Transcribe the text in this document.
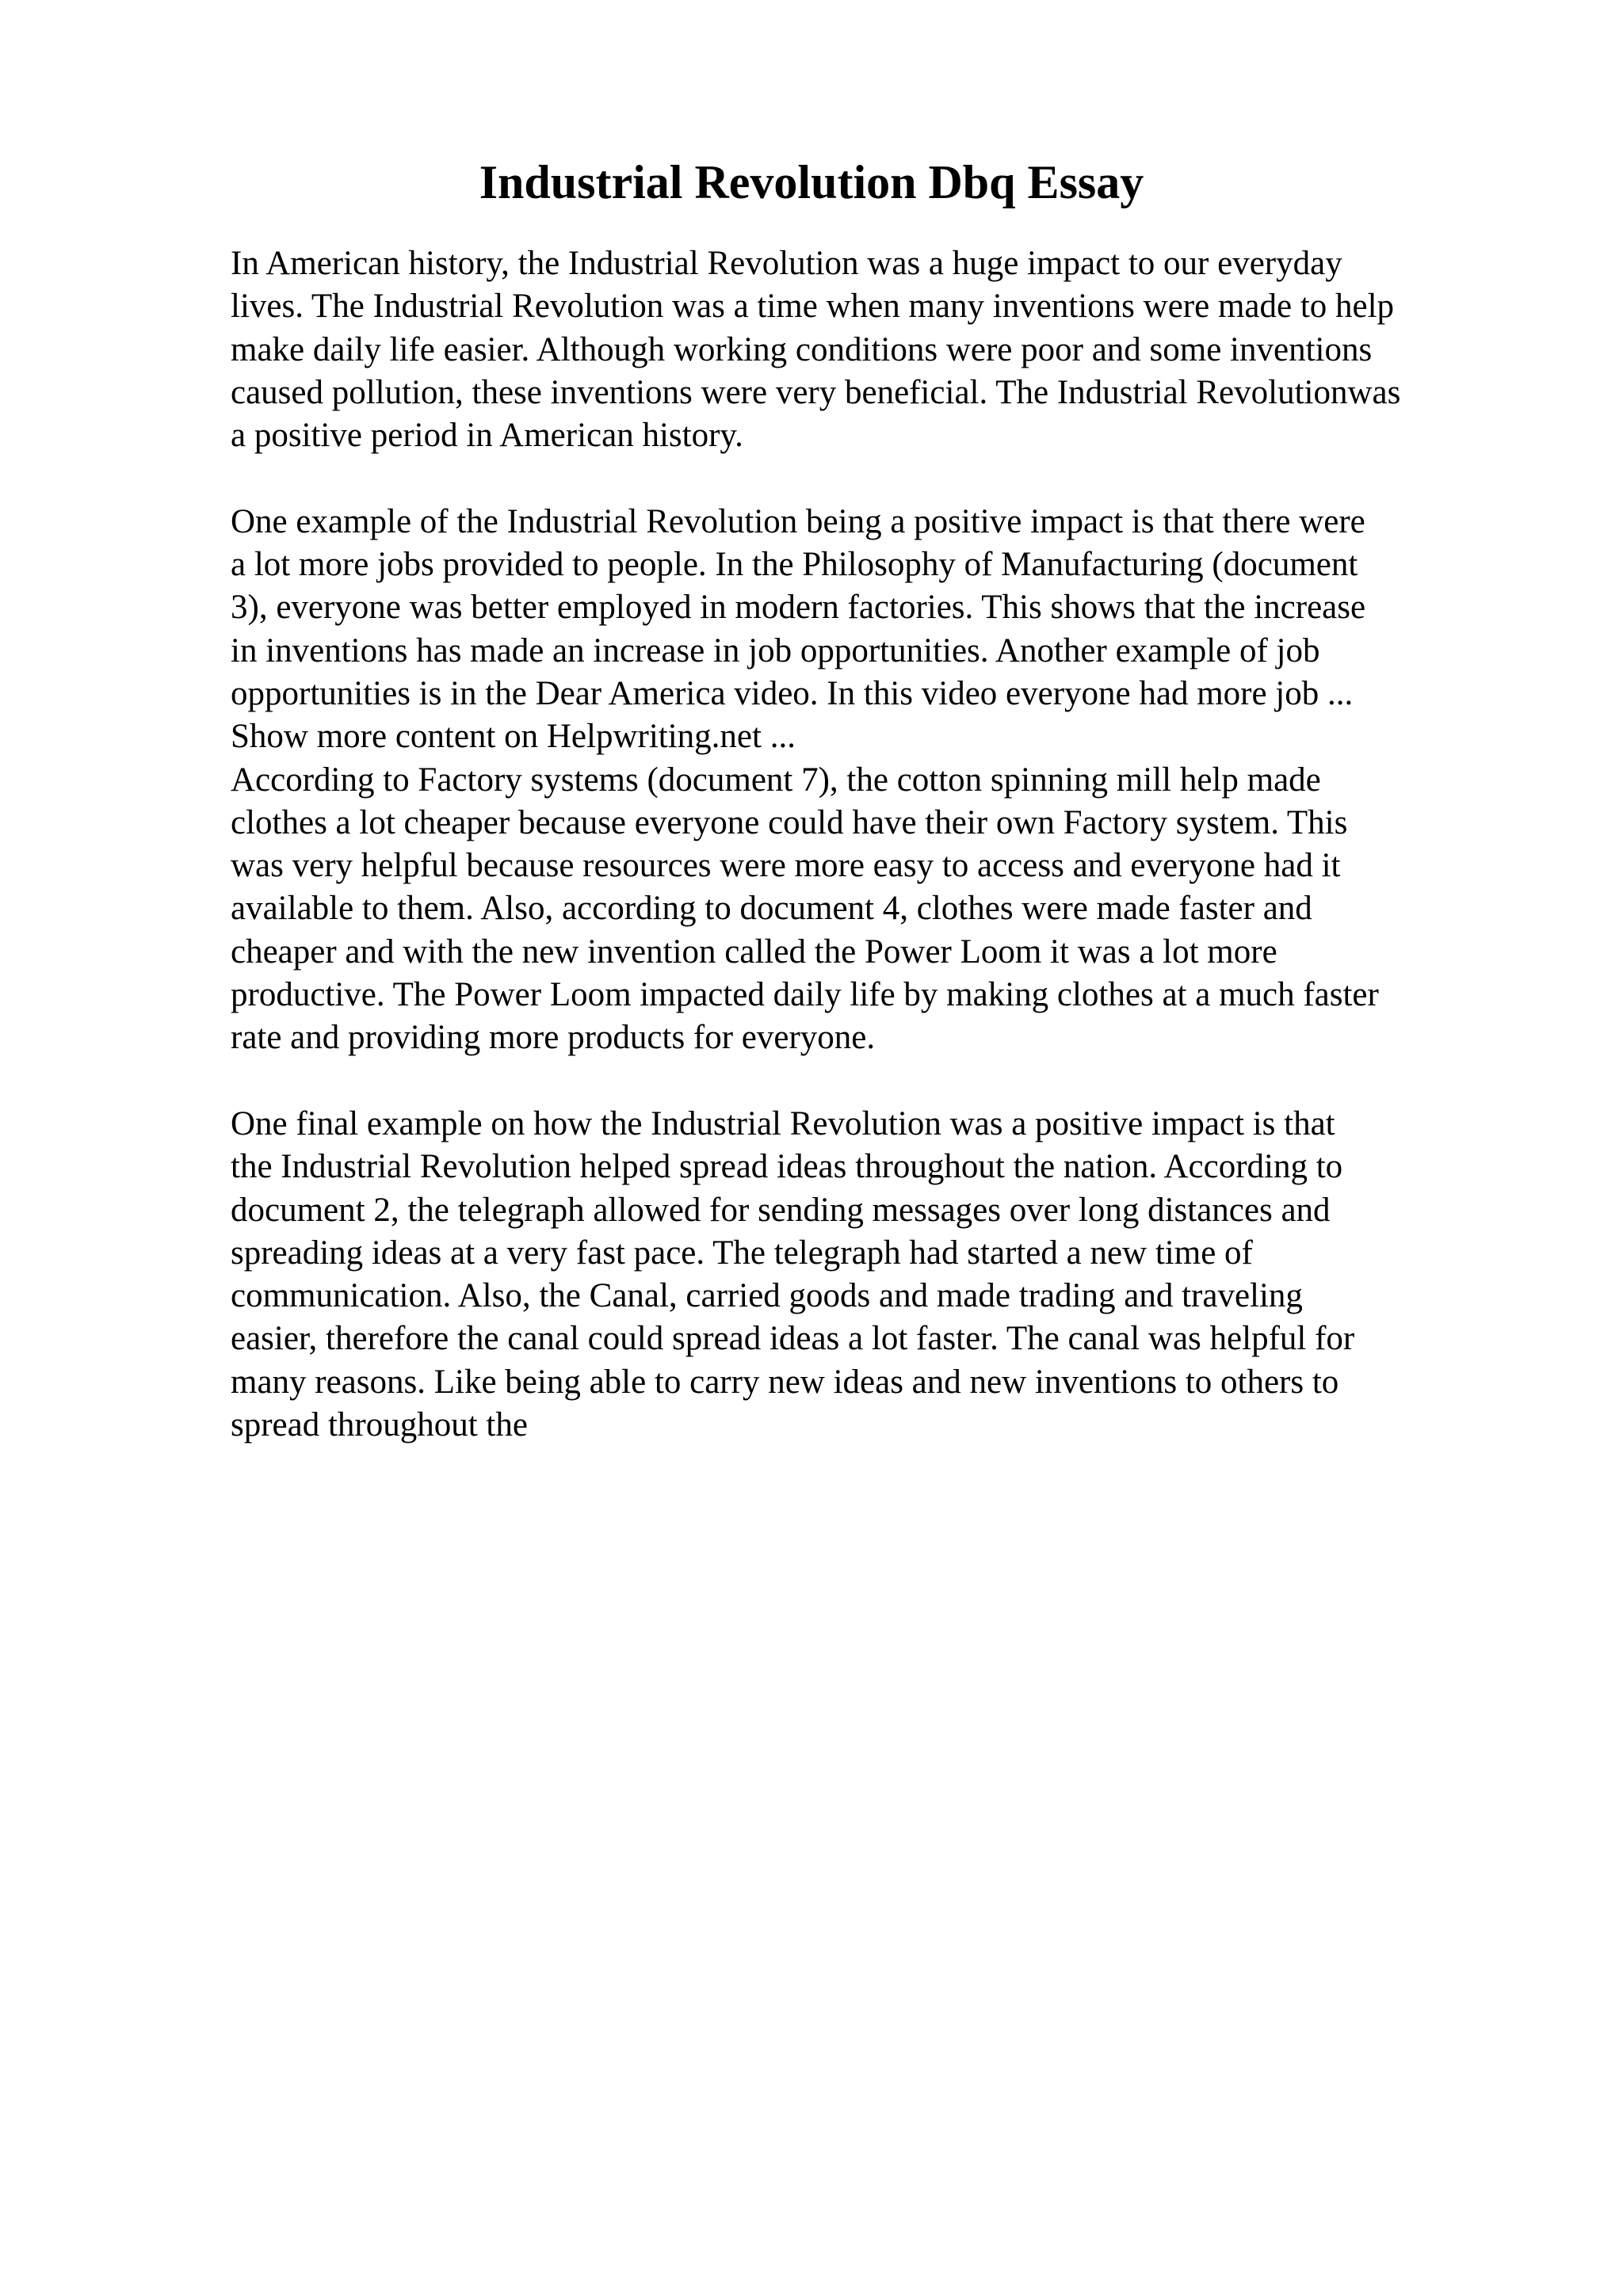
Industrial Revolution Dbq Essay
In American history, the Industrial Revolution was a huge impact to our everyday
lives. The Industrial Revolution was a time when many inventions were made to help
make daily life easier. Although working conditions were poor and some inventions
caused pollution, these inventions were very beneficial. The Industrial Revolutionwas
a positive period in American history.
One example of the Industrial Revolution being a positive impact is that there were
a lot more jobs provided to people. In the Philosophy of Manufacturing (document
3), everyone was better employed in modern factories. This shows that the increase
in inventions has made an increase in job opportunities. Another example of job
opportunities is in the Dear America video. In this video everyone had more job ...
Show more content on Helpwriting.net ...
According to Factory systems (document 7), the cotton spinning mill help made
clothes a lot cheaper because everyone could have their own Factory system. This
was very helpful because resources were more easy to access and everyone had it
available to them. Also, according to document 4, clothes were made faster and
cheaper and with the new invention called the Power Loom it was a lot more
productive. The Power Loom impacted daily life by making clothes at a much faster
rate and providing more products for everyone.
One final example on how the Industrial Revolution was a positive impact is that
the Industrial Revolution helped spread ideas throughout the nation. According to
document 2, the telegraph allowed for sending messages over long distances and
spreading ideas at a very fast pace. The telegraph had started a new time of
communication. Also, the Canal, carried goods and made trading and traveling
easier, therefore the canal could spread ideas a lot faster. The canal was helpful for
many reasons. Like being able to carry new ideas and new inventions to others to
spread throughout the
